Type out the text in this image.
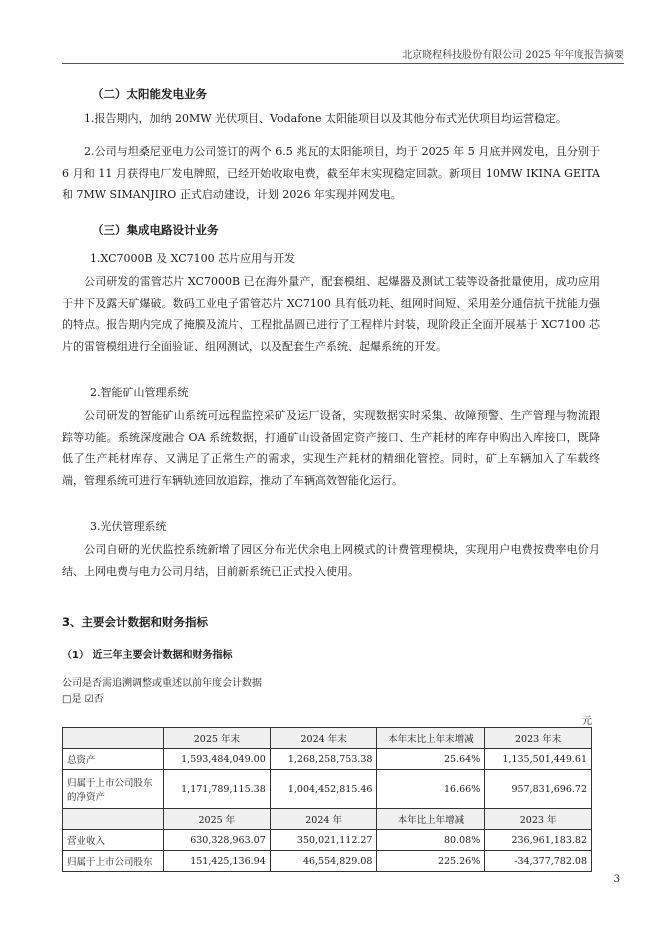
北京晓程科技股份有限公司 2025 年年度报告摘要
（二）太阳能发电业务
1.报告期内，加纳 20MW 光伏项目、Vodafone 太阳能项目以及其他分布式光伏项目均运营稳定。
2.公司与坦桑尼亚电力公司签订的两个 6.5 兆瓦的太阳能项目，均于 2025 年 5 月底并网发电，且分别于 6 月和 11 月获得电厂发电牌照，已经开始收取电费，截至年末实现稳定回款。新项目 10MW IKINA GEITA 和 7MW SIMANJIRO 正式启动建设，计划 2026 年实现并网发电。
（三）集成电路设计业务
1.XC7000B 及 XC7100 芯片应用与开发
公司研发的雷管芯片 XC7000B 已在海外量产，配套模组、起爆器及测试工装等设备批量使用，成功应用于井下及露天矿爆破。数码工业电子雷管芯片 XC7100 具有低功耗、组网时间短、采用差分通信抗干扰能力强的特点。报告期内完成了掩膜及流片、工程批晶圆已进行了工程样片封装，现阶段正全面开展基于 XC7100 芯片的雷管模组进行全面验证、组网测试，以及配套生产系统、起爆系统的开发。
2.智能矿山管理系统
公司研发的智能矿山系统可远程监控采矿及运厂设备，实现数据实时采集、故障预警、生产管理与物流跟踪等功能。系统深度融合 OA 系统数据，打通矿山设备固定资产接口、生产耗材的库存申购出入库接口，既降低了生产耗材库存、又满足了正常生产的需求，实现生产耗材的精细化管控。同时，矿上车辆加入了车载终端，管理系统可进行车辆轨迹回放追踪，推动了车辆高效智能化运行。
3.光伏管理系统
公司自研的光伏监控系统新增了园区分布光伏余电上网模式的计费管理模块，实现用户电费按费率电价月结、上网电费与电力公司月结，目前新系统已正式投入使用。
3、主要会计数据和财务指标
（1） 近三年主要会计数据和财务指标
公司是否需追溯调整或重述以前年度会计数据
□是 ☑否
元
	2025 年末	2024 年末	本年末比上年末增减	2023 年末
总资产	1,593,484,049.00	1,268,258,753.38	25.64%	1,135,501,449.61
归属于上市公司股东的净资产	1,171,789,115.38	1,004,452,815.46	16.66%	957,831,696.72
	2025 年	2024 年	本年比上年增减	2023 年
营业收入	630,328,963.07	350,021,112.27	80.08%	236,961,183.82
归属于上市公司股东	151,425,136.94	46,554,829.08	225.26%	-34,377,782.08
3
